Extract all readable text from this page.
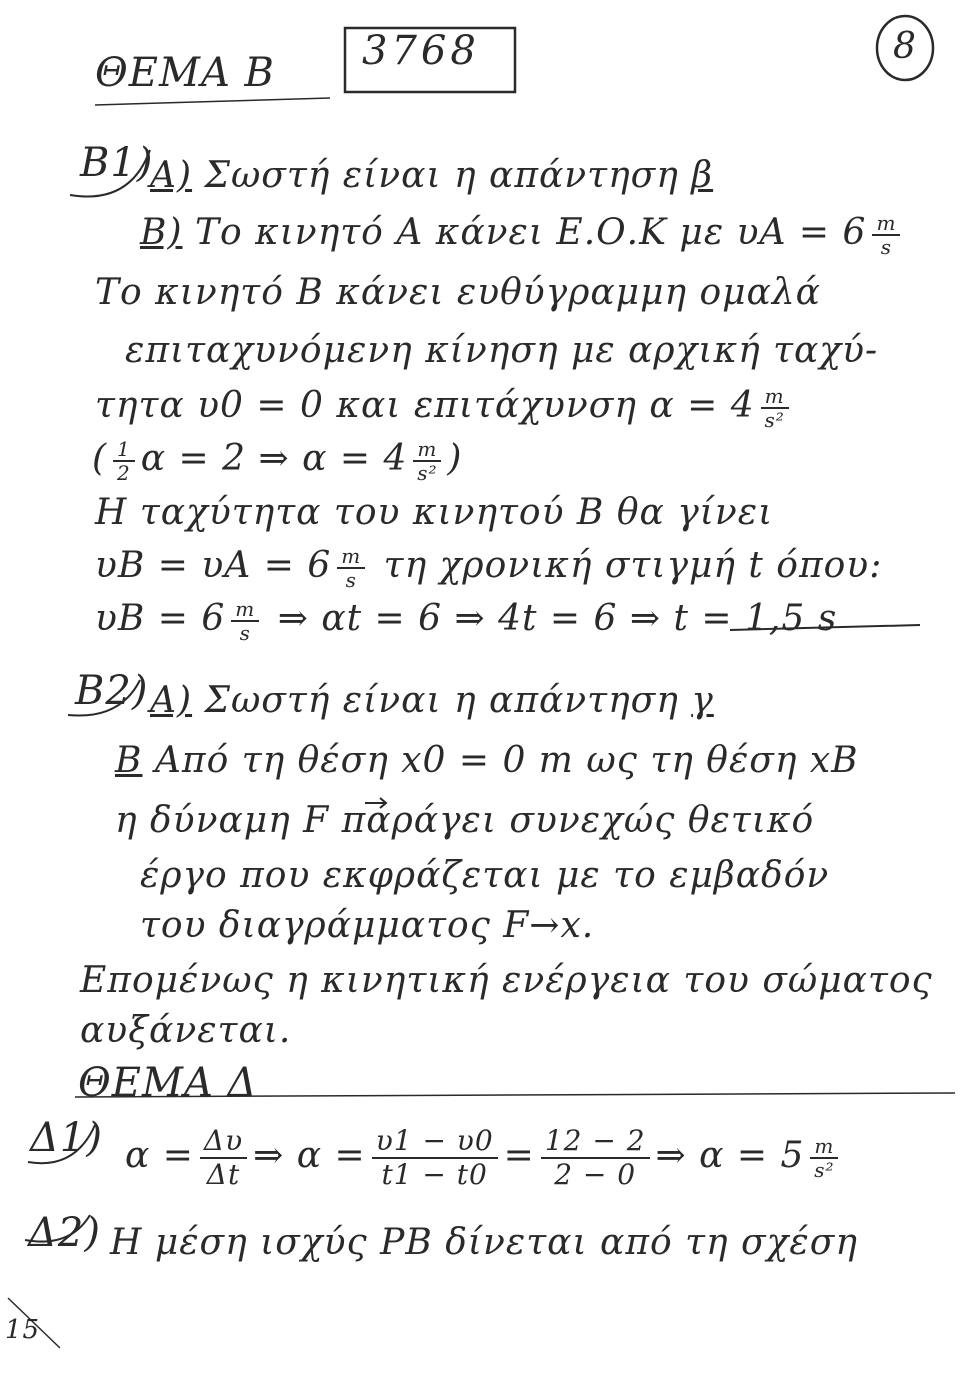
ΘΕΜΑ Β 3768	8
B1)
A) Σωστή είναι η απάντηση β
B) Το κινητό Α κάνει Ε.Ο.Κ με $\upsilon A = 6 \frac{m}{s}$
Το κινητό Β κάνει ευθύγραμμη ομαλά
επιταχυνόμενη κίνηση με αρχική ταχύ-
τητα υ0 = 0 και επιτάχυνση $\alpha = 4 \frac{m}{\text{s²}}$
( $\frac{1}{2}$ α = 2 ⇒ $\alpha = 4 \frac{m}{\text{s²}}$ )
Η ταχύτητα του κινητού Β θα γίνει
$\upsilon B = \upsilon A = 6 \frac{m}{s}$ τη χρονική στιγμή t όπου:
$\upsilon B = 6 \frac{m}{s}$ ⇒ αt = 6 ⇒ 4t = 6 ⇒ t = 1,5 s
B2) A) Σωστή είναι η απάντηση γ
B Από τη θέση x0 = 0 m ως τη θέση xB
η δύναμη F παράγει συνεχώς θετικό
έργο που εκφράζεται με το εμβαδόν
του διαγράμματος F→x.
Επομένως η κινητική ενέργεια του σώματος
αυξάνεται.
ΘΕΜΑ Δ
Δ1) $\alpha = \frac{\Delta\upsilon}{\Delta t}$ ⇒ $\alpha = \frac{\upsilon 1 - \upsilon 0}{t1 - t0} = \frac{12 - 2}{2 - 0}$ ⇒ $\alpha = 5 \frac{m}{\text{s²}}$
Δ2) Η μέση ισχύς PB δίνεται από τη σχέση
15
